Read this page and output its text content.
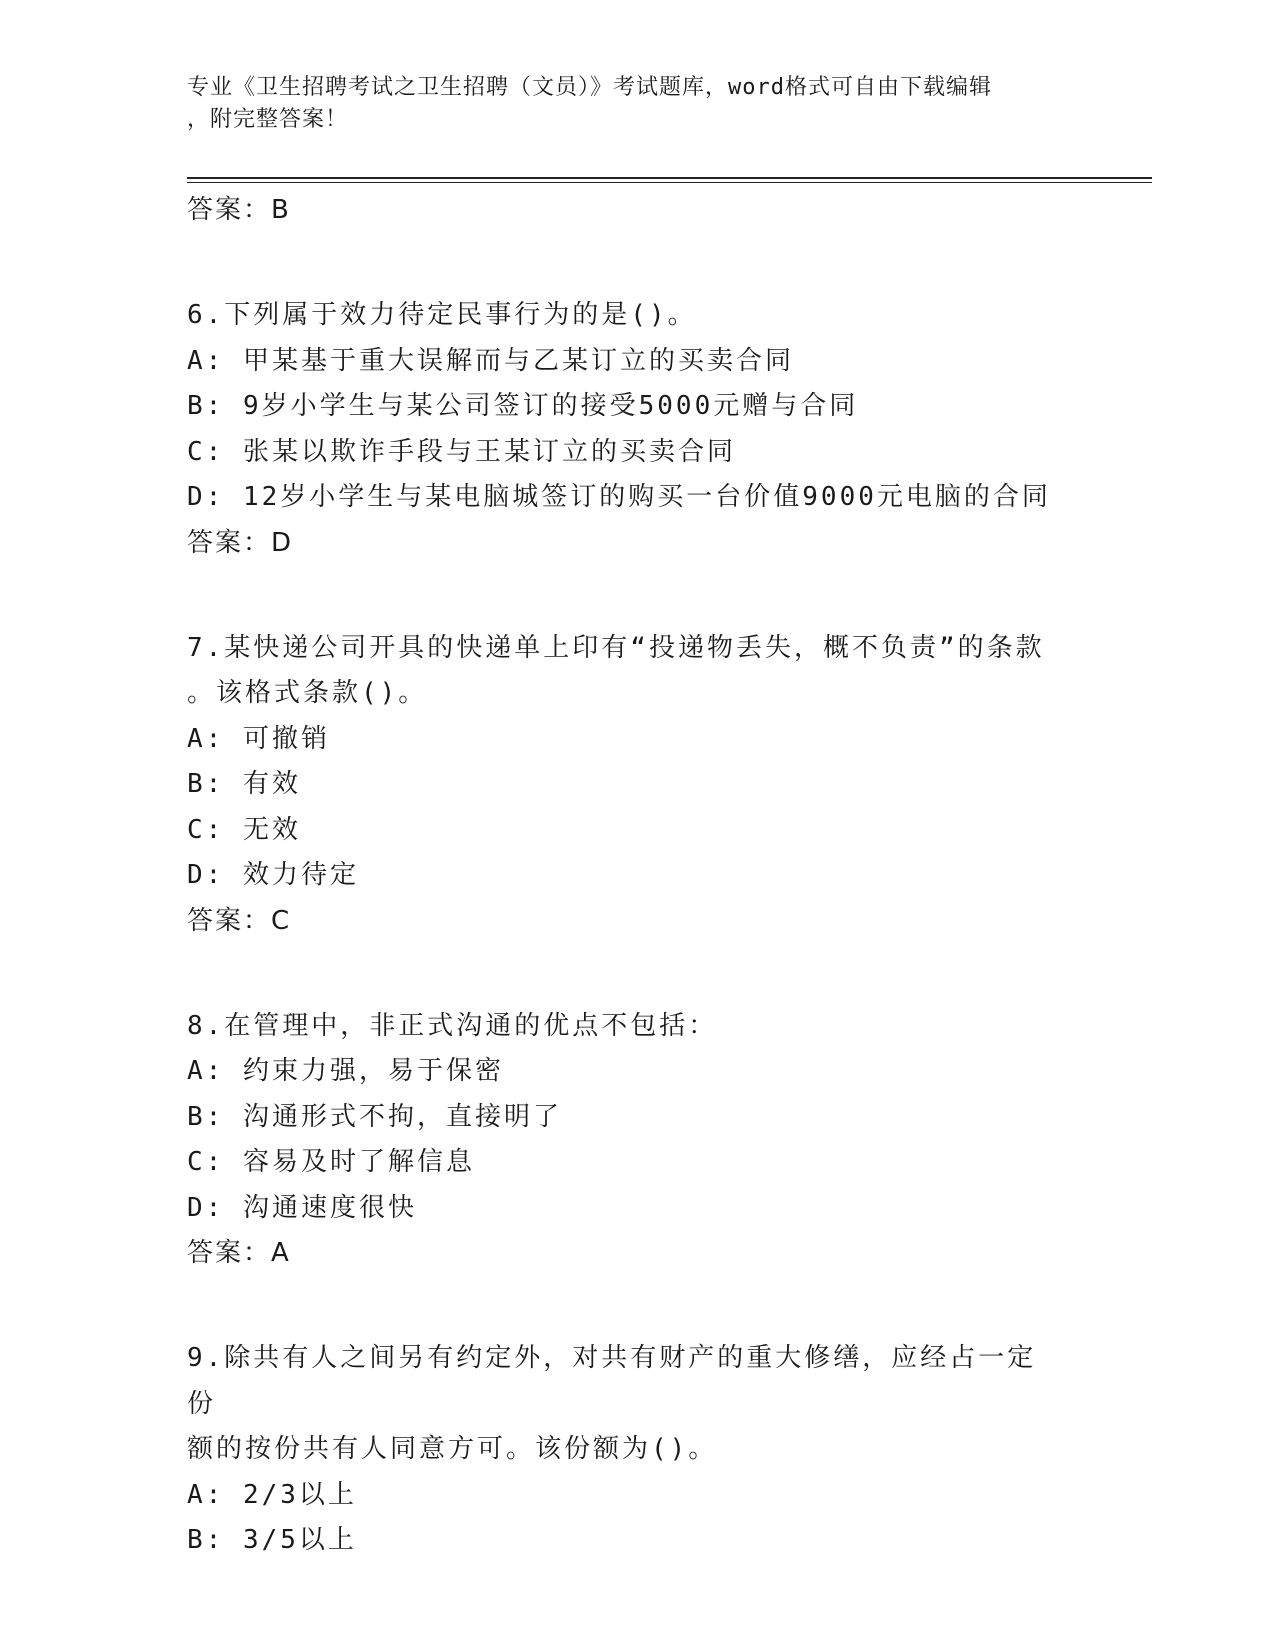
专业《卫生招聘考试之卫生招聘（文员）》考试题库，word格式可自由下载编辑
，附完整答案！
答案：B
6.下列属于效力待定民事行为的是()。
A: 甲某基于重大误解而与乙某订立的买卖合同
B: 9岁小学生与某公司签订的接受5000元赠与合同
C: 张某以欺诈手段与王某订立的买卖合同
D: 12岁小学生与某电脑城签订的购买一台价值9000元电脑的合同
答案：D
7.某快递公司开具的快递单上印有“投递物丢失，概不负责”的条款
。该格式条款()。
A: 可撤销
B: 有效
C: 无效
D: 效力待定
答案：C
8.在管理中，非正式沟通的优点不包括：
A: 约束力强，易于保密
B: 沟通形式不拘，直接明了
C: 容易及时了解信息
D: 沟通速度很快
答案：A
9.除共有人之间另有约定外，对共有财产的重大修缮，应经占一定份
额的按份共有人同意方可。该份额为()。
A: 2/3以上
B: 3/5以上
